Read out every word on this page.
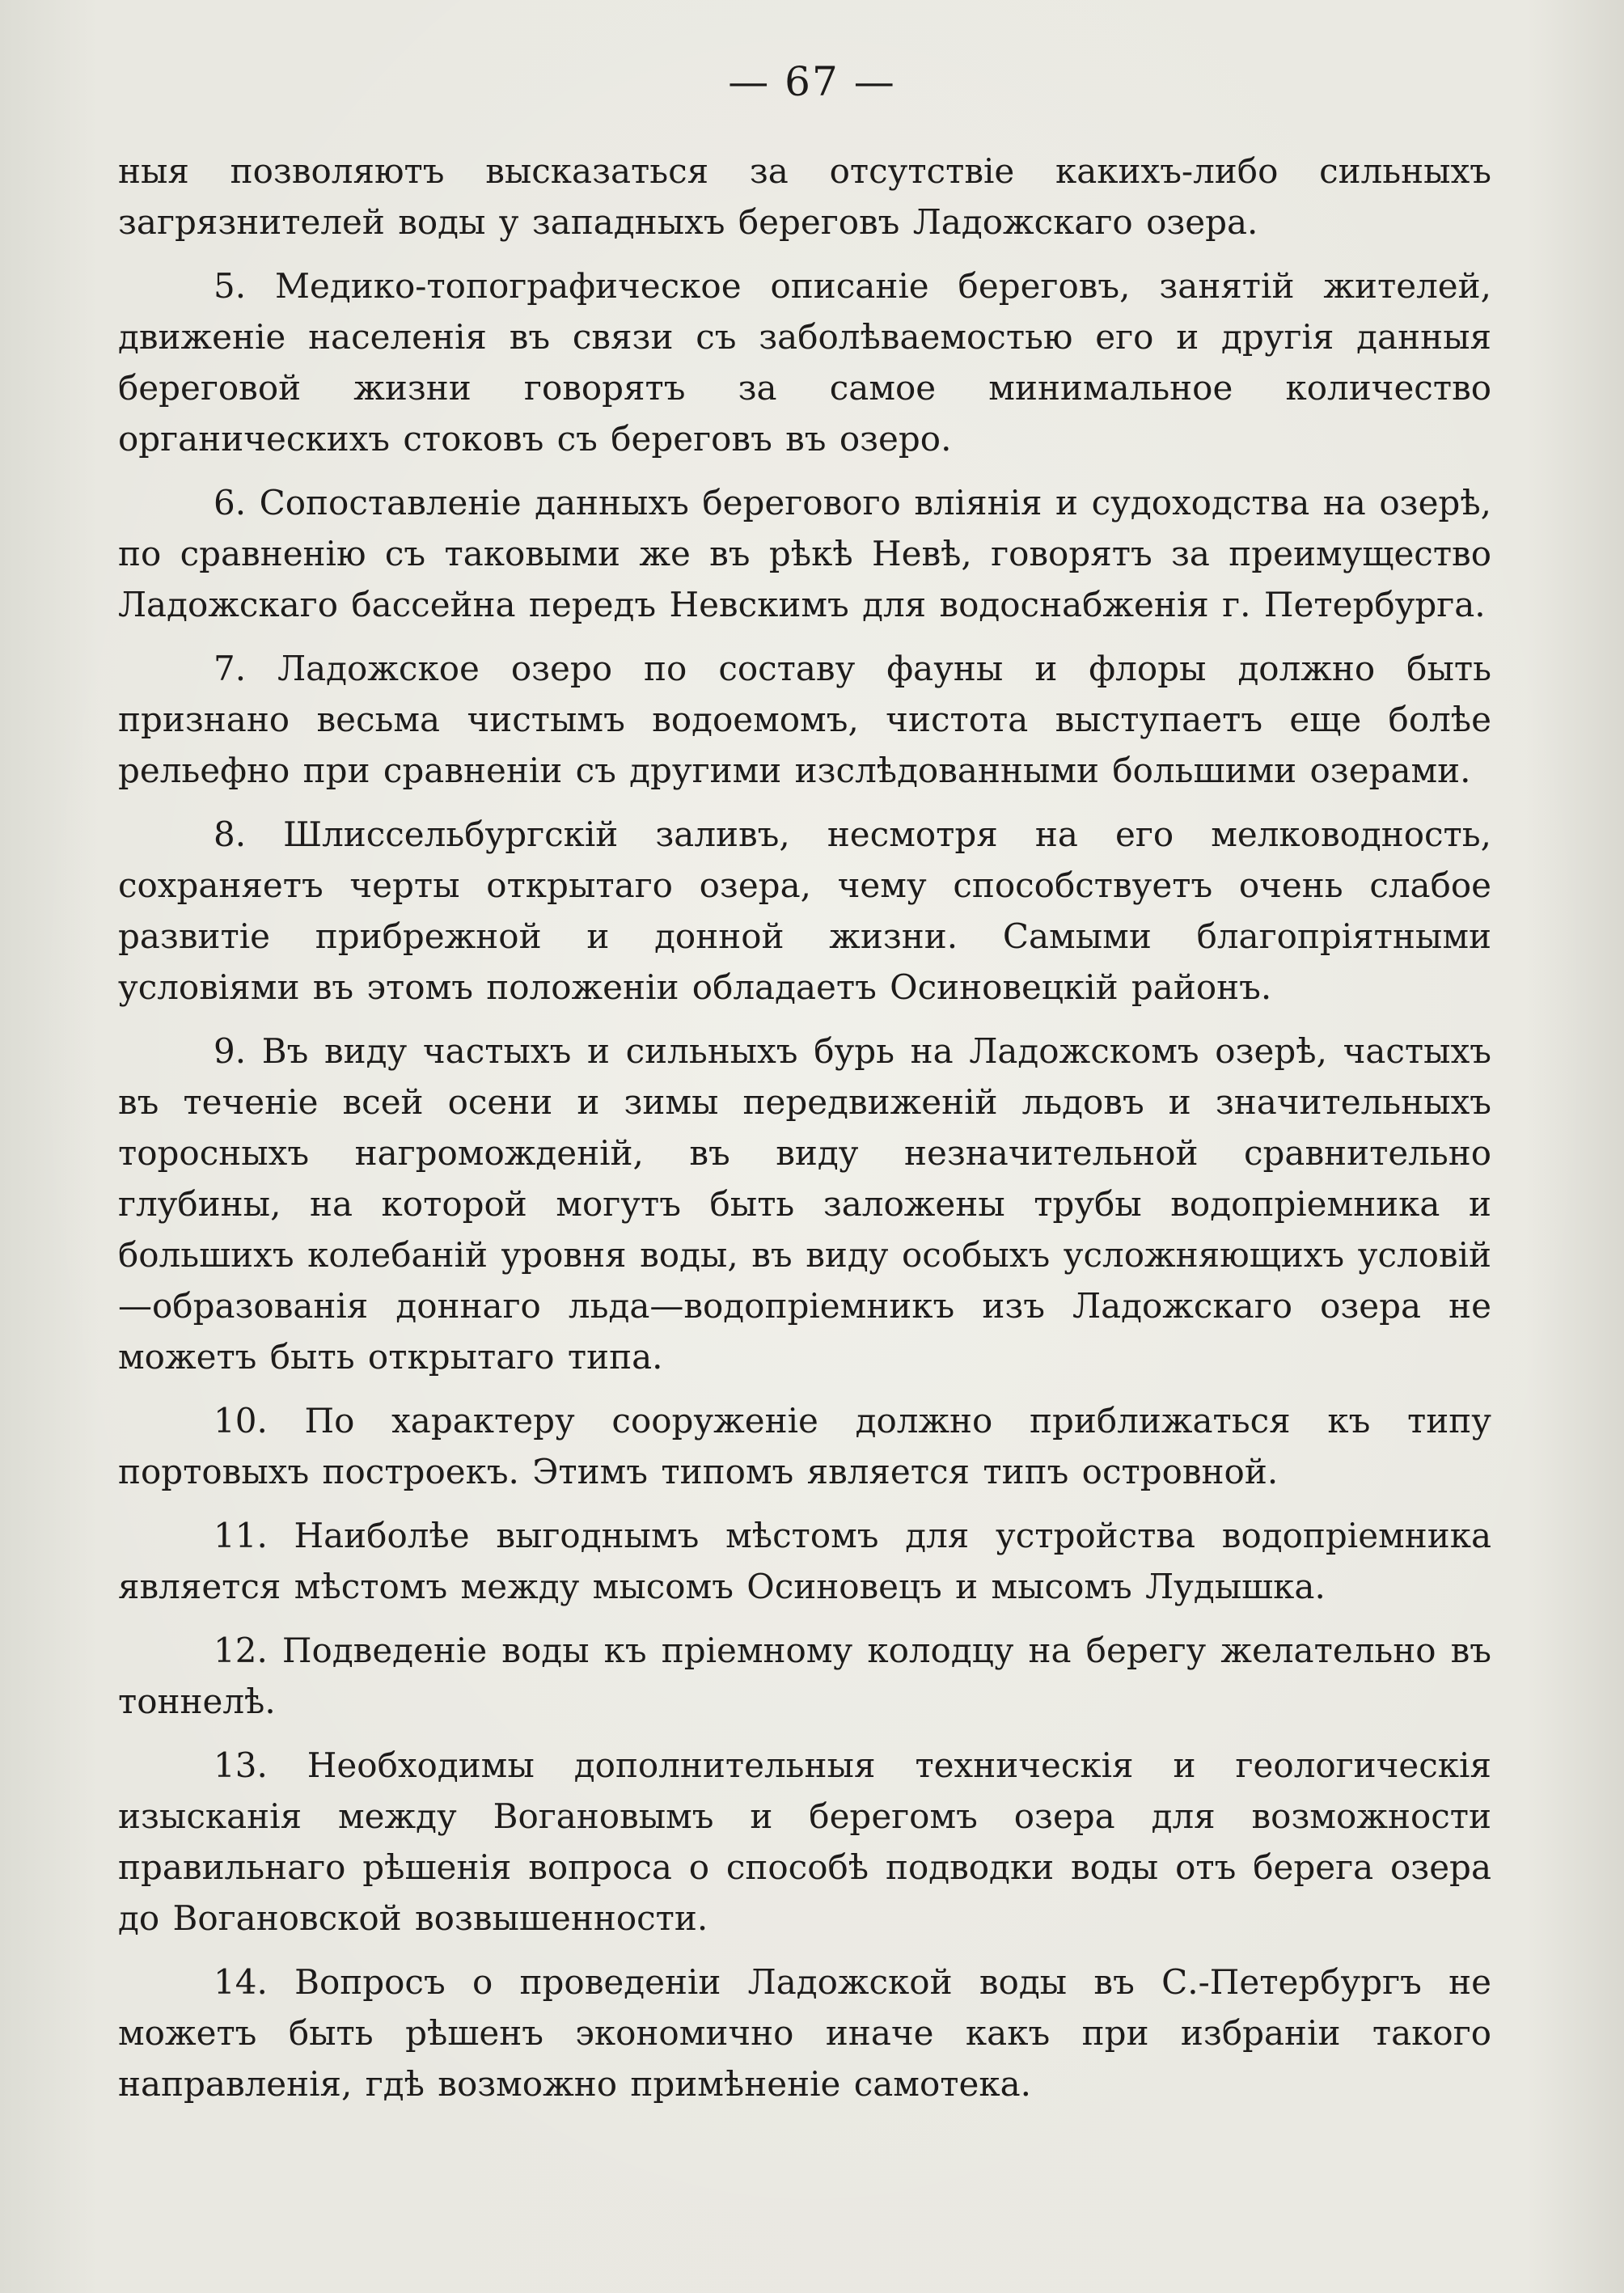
— 67 —

ныя позволяютъ высказаться за отсутствіе какихъ-либо сильныхъ загрязнителей воды у западныхъ береговъ Ладожскаго озера.

5. Медико-топографическое описаніе береговъ, занятій жителей, движеніе населенія въ связи съ заболѣваемостью его и другія данныя береговой жизни говорятъ за самое минимальное количество органическихъ стоковъ съ береговъ въ озеро.

6. Сопоставленіе данныхъ берегового вліянія и судоходства на озерѣ, по сравненію съ таковыми же въ рѣкѣ Невѣ, говорятъ за преимущество Ладожскаго бассейна передъ Невскимъ для водоснабженія г. Петербурга.

7. Ладожское озеро по составу фауны и флоры должно быть признано весьма чистымъ водоемомъ, чистота выступаетъ еще болѣе рельефно при сравненіи съ другими изслѣдованными большими озерами.

8. Шлиссельбургскій заливъ, несмотря на его мелководность, сохраняетъ черты открытаго озера, чему способствуетъ очень слабое развитіе прибрежной и донной жизни. Самыми благопріятными условіями въ этомъ положеніи обладаетъ Осиновецкій районъ.

9. Въ виду частыхъ и сильныхъ бурь на Ладожскомъ озерѣ, частыхъ въ теченіе всей осени и зимы передвиженій льдовъ и значительныхъ торосныхъ нагроможденій, въ виду незначительной сравнительно глубины, на которой могутъ быть заложены трубы водопріемника и большихъ колебаній уровня воды, въ виду особыхъ усложняющихъ условій—образованія доннаго льда—водопріемникъ изъ Ладожскаго озера не можетъ быть открытаго типа.

10. По характеру сооруженіе должно приближаться къ типу портовыхъ построекъ. Этимъ типомъ является типъ островной.

11. Наиболѣе выгоднымъ мѣстомъ для устройства водопріемника является мѣстомъ между мысомъ Осиновецъ и мысомъ Лудышка.

12. Подведеніе воды къ пріемному колодцу на берегу желательно въ тоннелѣ.

13. Необходимы дополнительныя техническія и геологическія изысканія между Вогановымъ и берегомъ озера для возможности правильнаго рѣшенія вопроса о способѣ подводки воды отъ берега озера до Вогановской возвышенности.

14. Вопросъ о проведеніи Ладожской воды въ С.-Петербургъ не можетъ быть рѣшенъ экономично иначе какъ при избраніи такого направленія, гдѣ возможно примѣненіе самотека.
